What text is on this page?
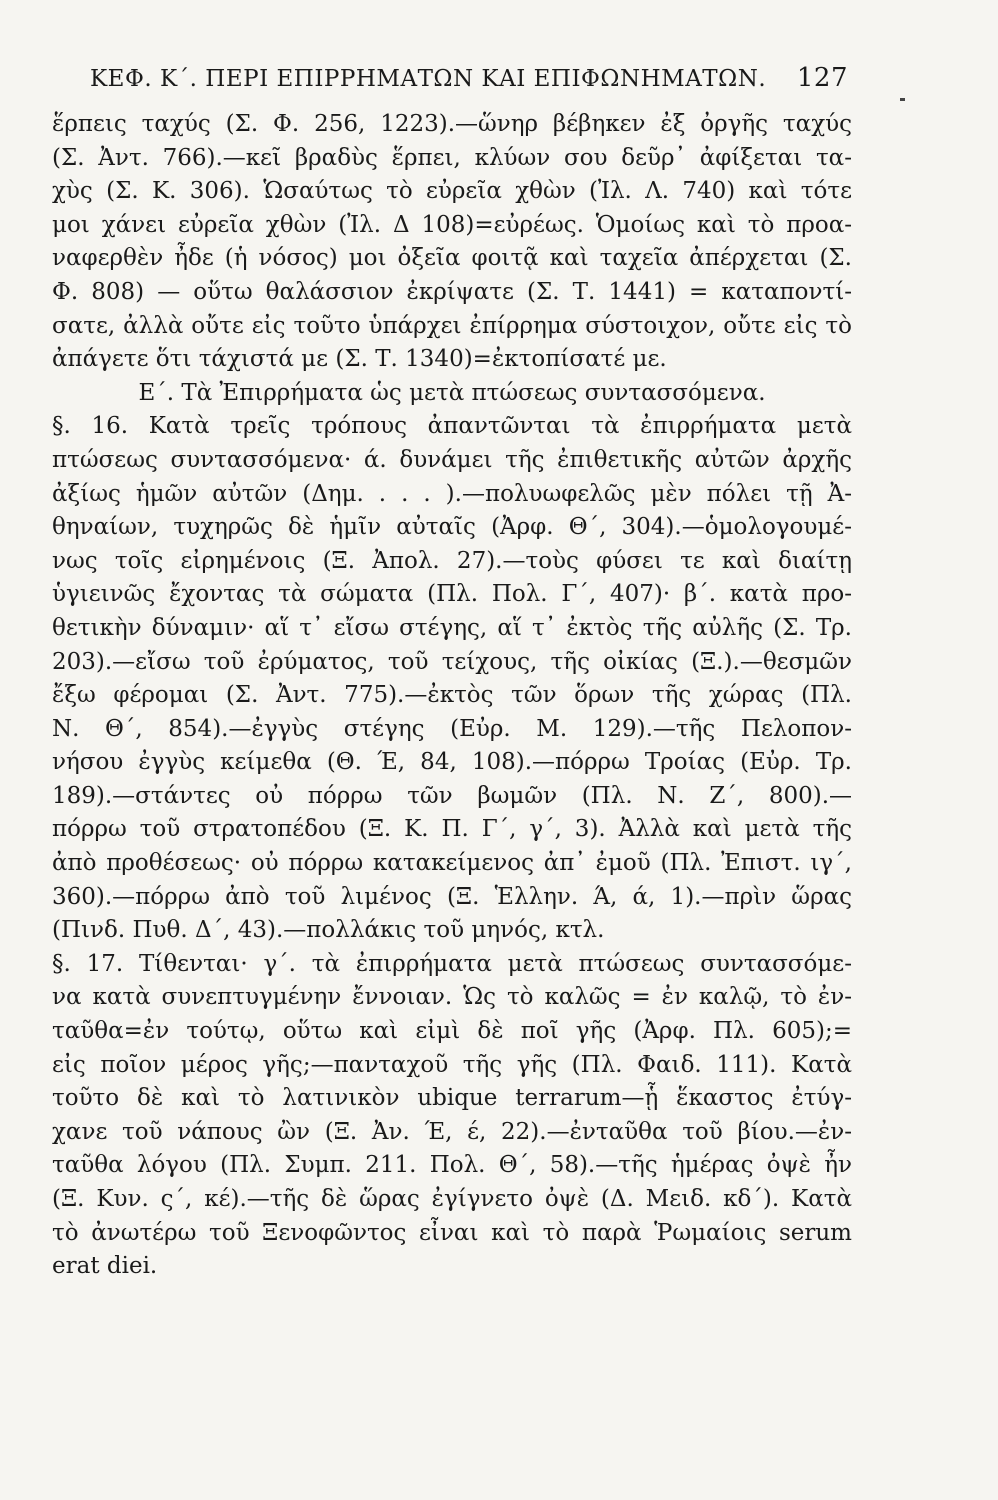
ΚΕΦ. Κ΄. ΠΕΡΙ ΕΠΙΡΡΗΜΑΤΩΝ ΚΑΙ ΕΠΙΦΩΝΗΜΑΤΩΝ. 127
ἕρπεις ταχύς (Σ. Φ. 256, 1223).—ὥνηρ βέβηκεν ἐξ ὀργῆς ταχύς
(Σ. Ἀντ. 766).—κεῖ βραδὺς ἕρπει, κλύων σου δεῦρ᾽ ἀφίξεται τα-
χὺς (Σ. Κ. 306). Ὡσαύτως τὸ εὐρεῖα χθὼν (Ἰλ. Λ. 740) καὶ τότε
μοι χάνει εὐρεῖα χθὼν (Ἰλ. Δ 108)=εὐρέως. Ὁμοίως καὶ τὸ προα-
ναφερθὲν ἦδε (ἡ νόσος) μοι ὀξεῖα φοιτᾷ καὶ ταχεῖα ἀπέρχεται (Σ.
Φ. 808) — οὕτω θαλάσσιον ἐκρίψατε (Σ. Τ. 1441) = καταποντί-
σατε, ἀλλὰ οὔτε εἰς τοῦτο ὑπάρχει ἐπίρρημα σύστοιχον, οὔτε εἰς τὸ
ἀπάγετε ὅτι τάχιστά με (Σ. Τ. 1340)=ἐκτοπίσατέ με.
Ε΄. Τὰ Ἐπιρρήματα ὡς μετὰ πτώσεως συντασσόμενα.
§. 16. Κατὰ τρεῖς τρόπους ἀπαντῶνται τὰ ἐπιρρήματα μετὰ
πτώσεως συντασσόμενα· ά. δυνάμει τῆς ἐπιθετικῆς αὐτῶν ἀρχῆς
ἀξίως ἡμῶν αὐτῶν (Δημ. . . . ).—πολυωφελῶς μὲν πόλει τῇ Ἀ-
θηναίων, τυχηρῶς δὲ ἡμῖν αὐταῖς (Ἀρφ. Θ΄, 304).—ὁμολογουμέ-
νως τοῖς εἰρημένοις (Ξ. Ἀπολ. 27).—τοὺς φύσει τε καὶ διαίτῃ
ὑγιεινῶς ἔχοντας τὰ σώματα (Πλ. Πολ. Γ΄, 407)· β΄. κατὰ προ-
θετικὴν δύναμιν· αἵ τ᾽ εἴσω στέγης, αἵ τ᾽ ἐκτὸς τῆς αὐλῆς (Σ. Τρ.
203).—εἴσω τοῦ ἐρύματος, τοῦ τείχους, τῆς οἰκίας (Ξ.).—θεσμῶν
ἔξω φέρομαι (Σ. Ἀντ. 775).—ἐκτὸς τῶν ὅρων τῆς χώρας (Πλ.
Ν. Θ΄, 854).—ἐγγὺς στέγης (Εὐρ. Μ. 129).—τῆς Πελοπον-
νήσου ἐγγὺς κείμεθα (Θ. Έ, 84, 108).—πόρρω Τροίας (Εὐρ. Τρ.
189).—στάντες οὐ πόρρω τῶν βωμῶν (Πλ. Ν. Ζ΄, 800).—
πόρρω τοῦ στρατοπέδου (Ξ. Κ. Π. Γ΄, γ΄, 3). Ἀλλὰ καὶ μετὰ τῆς
ἀπὸ προθέσεως· οὐ πόρρω κατακείμενος ἀπ᾽ ἐμοῦ (Πλ. Ἐπιστ. ιγ΄,
360).—πόρρω ἀπὸ τοῦ λιμένος (Ξ. Ἑλλην. Ά, ά, 1).—πρὶν ὥρας
(Πινδ. Πυθ. Δ΄, 43).—πολλάκις τοῦ μηνός, κτλ.
§. 17. Τίθενται· γ΄. τὰ ἐπιρρήματα μετὰ πτώσεως συντασσόμε-
να κατὰ συνεπτυγμένην ἔννοιαν. Ὡς τὸ καλῶς = ἐν καλῷ, τὸ ἐν-
ταῦθα=ἐν τούτῳ, οὕτω καὶ εἰμὶ δὲ ποῖ γῆς (Ἀρφ. Πλ. 605);=
εἰς ποῖον μέρος γῆς;—πανταχοῦ τῆς γῆς (Πλ. Φαιδ. 111). Κατὰ
τοῦτο δὲ καὶ τὸ λατινικὸν ubique terrarum—ᾗ ἕκαστος ἐτύγ-
χανε τοῦ νάπους ὢν (Ξ. Ἀν. Έ, έ, 22).—ἐνταῦθα τοῦ βίου.—ἐν-
ταῦθα λόγου (Πλ. Συμπ. 211. Πολ. Θ΄, 58).—τῆς ἡμέρας ὀψὲ ἦν
(Ξ. Κυν. ς΄, κέ).—τῆς δὲ ὥρας ἐγίγνετο ὀψὲ (Δ. Μειδ. κδ΄). Κατὰ
τὸ ἀνωτέρω τοῦ Ξενοφῶντος εἶναι καὶ τὸ παρὰ Ῥωμαίοις serum
erat diei.
